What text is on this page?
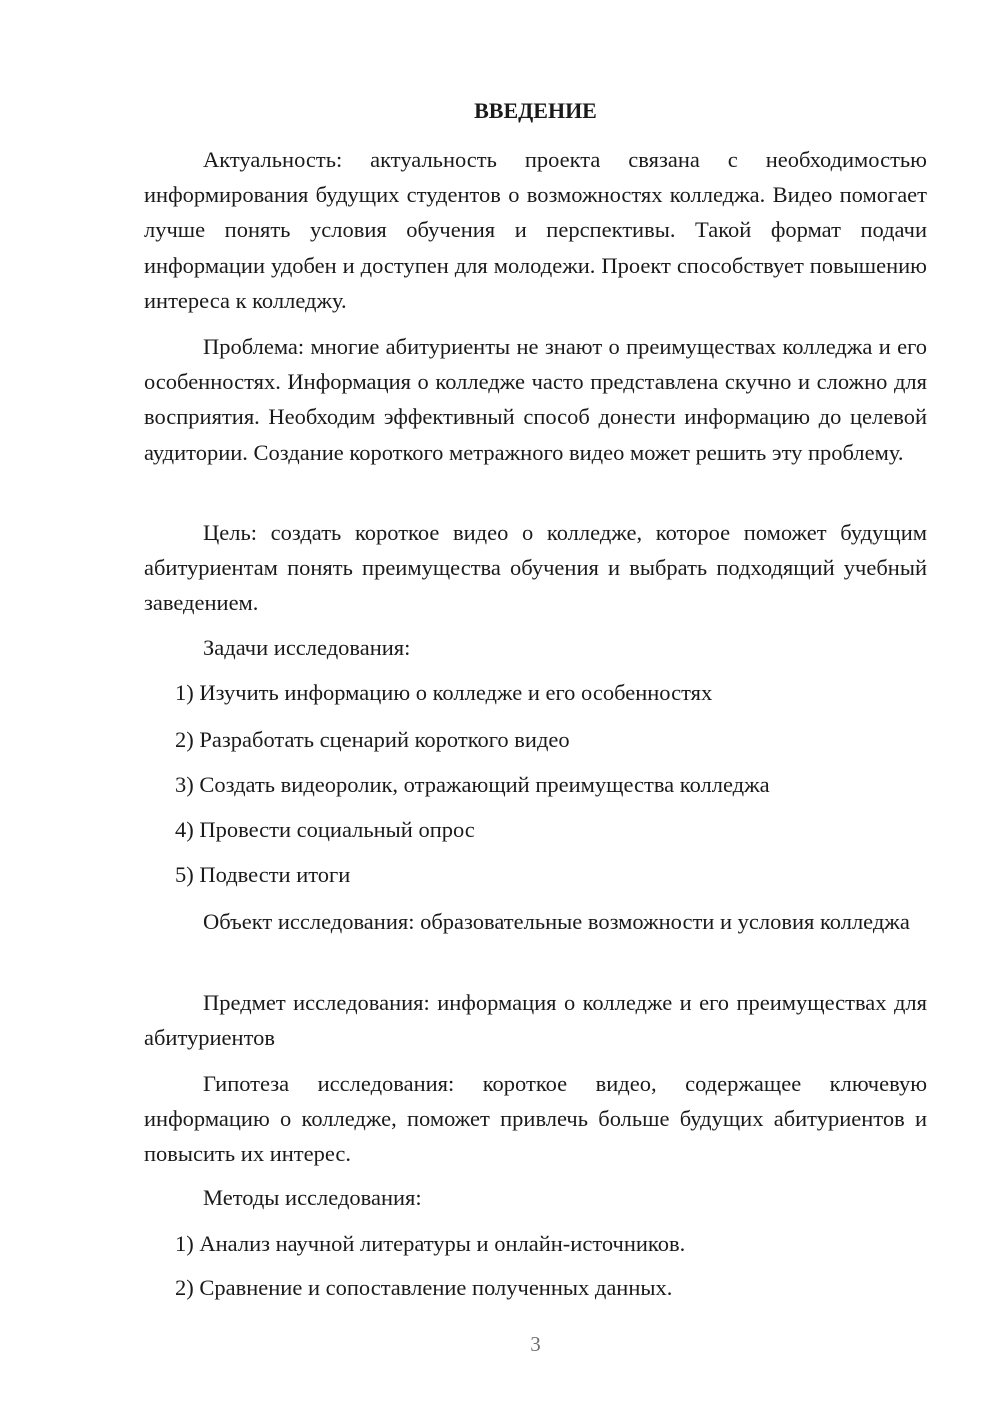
ВВЕДЕНИЕ

Актуальность: актуальность проекта связана с необходимостью информирования будущих студентов о возможностях колледжа. Видео помогает лучше понять условия обучения и перспективы. Такой формат подачи информации удобен и доступен для молодежи. Проект способствует повышению интереса к колледжу.

Проблема: многие абитуриенты не знают о преимуществах колледжа и его особенностях. Информация о колледже часто представлена скучно и сложно для восприятия. Необходим эффективный способ донести информацию до целевой аудитории. Создание короткого метражного видео может решить эту проблему.

Цель: создать короткое видео о колледже, которое поможет будущим абитуриентам понять преимущества обучения и выбрать подходящий учебный заведением.

Задачи исследования:

1) Изучить информацию о колледже и его особенностях

2) Разработать сценарий короткого видео

3) Создать видеоролик, отражающий преимущества колледжа

4) Провести социальный опрос

5) Подвести итоги

Объект исследования: образовательные возможности и условия колледжа

Предмет исследования: информация о колледже и его преимуществах для абитуриентов

Гипотеза исследования: короткое видео, содержащее ключевую информацию о колледже, поможет привлечь больше будущих абитуриентов и повысить их интерес.

Методы исследования:

1) Анализ научной литературы и онлайн-источников.

2) Сравнение и сопоставление полученных данных.

3
